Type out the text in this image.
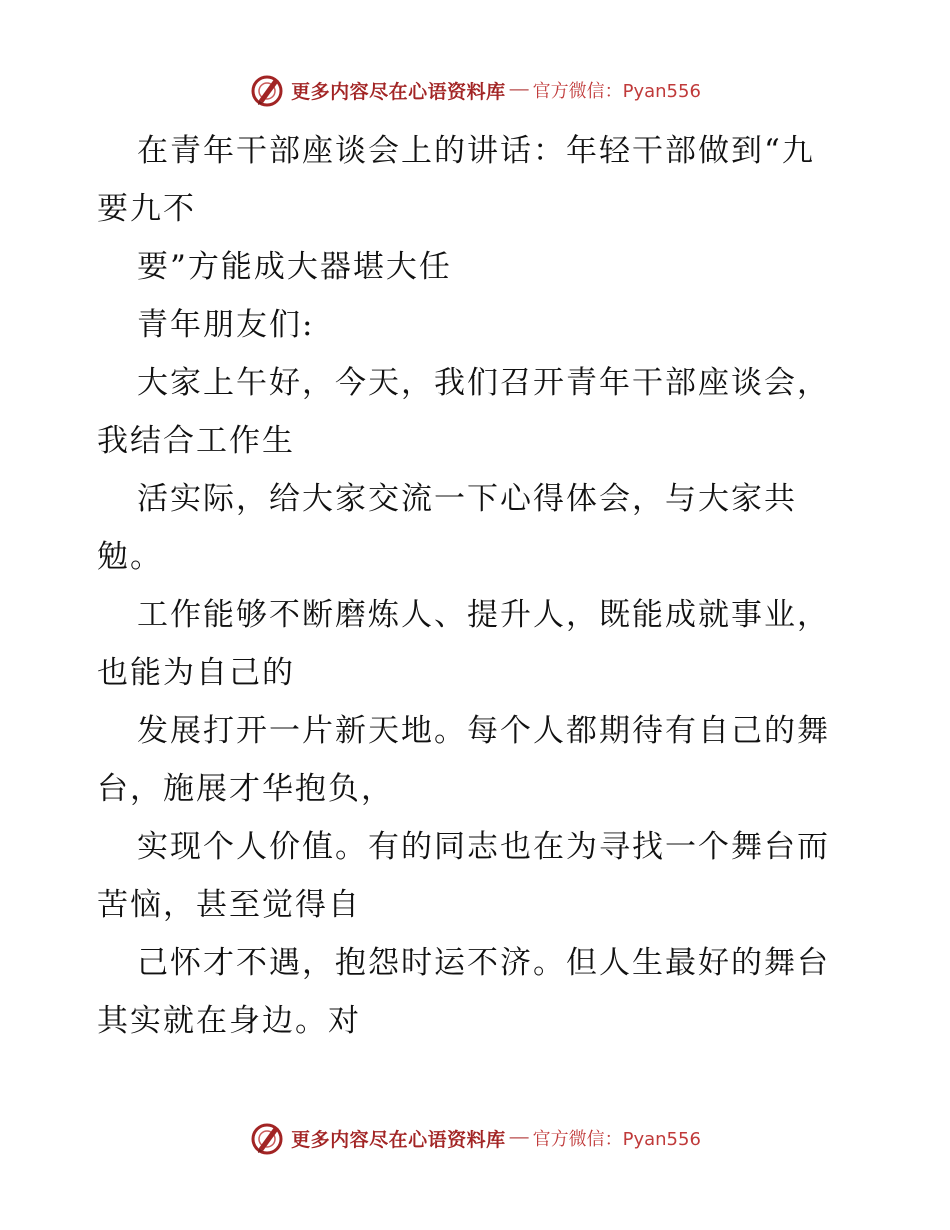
更多内容尽在心语资料库 — 官方微信：Pyan556
在青年干部座谈会上的讲话：年轻干部做到“九
要九不
要”方能成大器堪大任
青年朋友们:
大家上午好，今天，我们召开青年干部座谈会，
我结合工作生
活实际，给大家交流一下心得体会，与大家共
勉。
工作能够不断磨炼人、提升人，既能成就事业，
也能为自己的
发展打开一片新天地。每个人都期待有自己的舞
台，施展才华抱负，
实现个人价值。有的同志也在为寻找一个舞台而
苦恼，甚至觉得自
己怀才不遇，抱怨时运不济。但人生最好的舞台
其实就在身边。对
更多内容尽在心语资料库 — 官方微信：Pyan556
